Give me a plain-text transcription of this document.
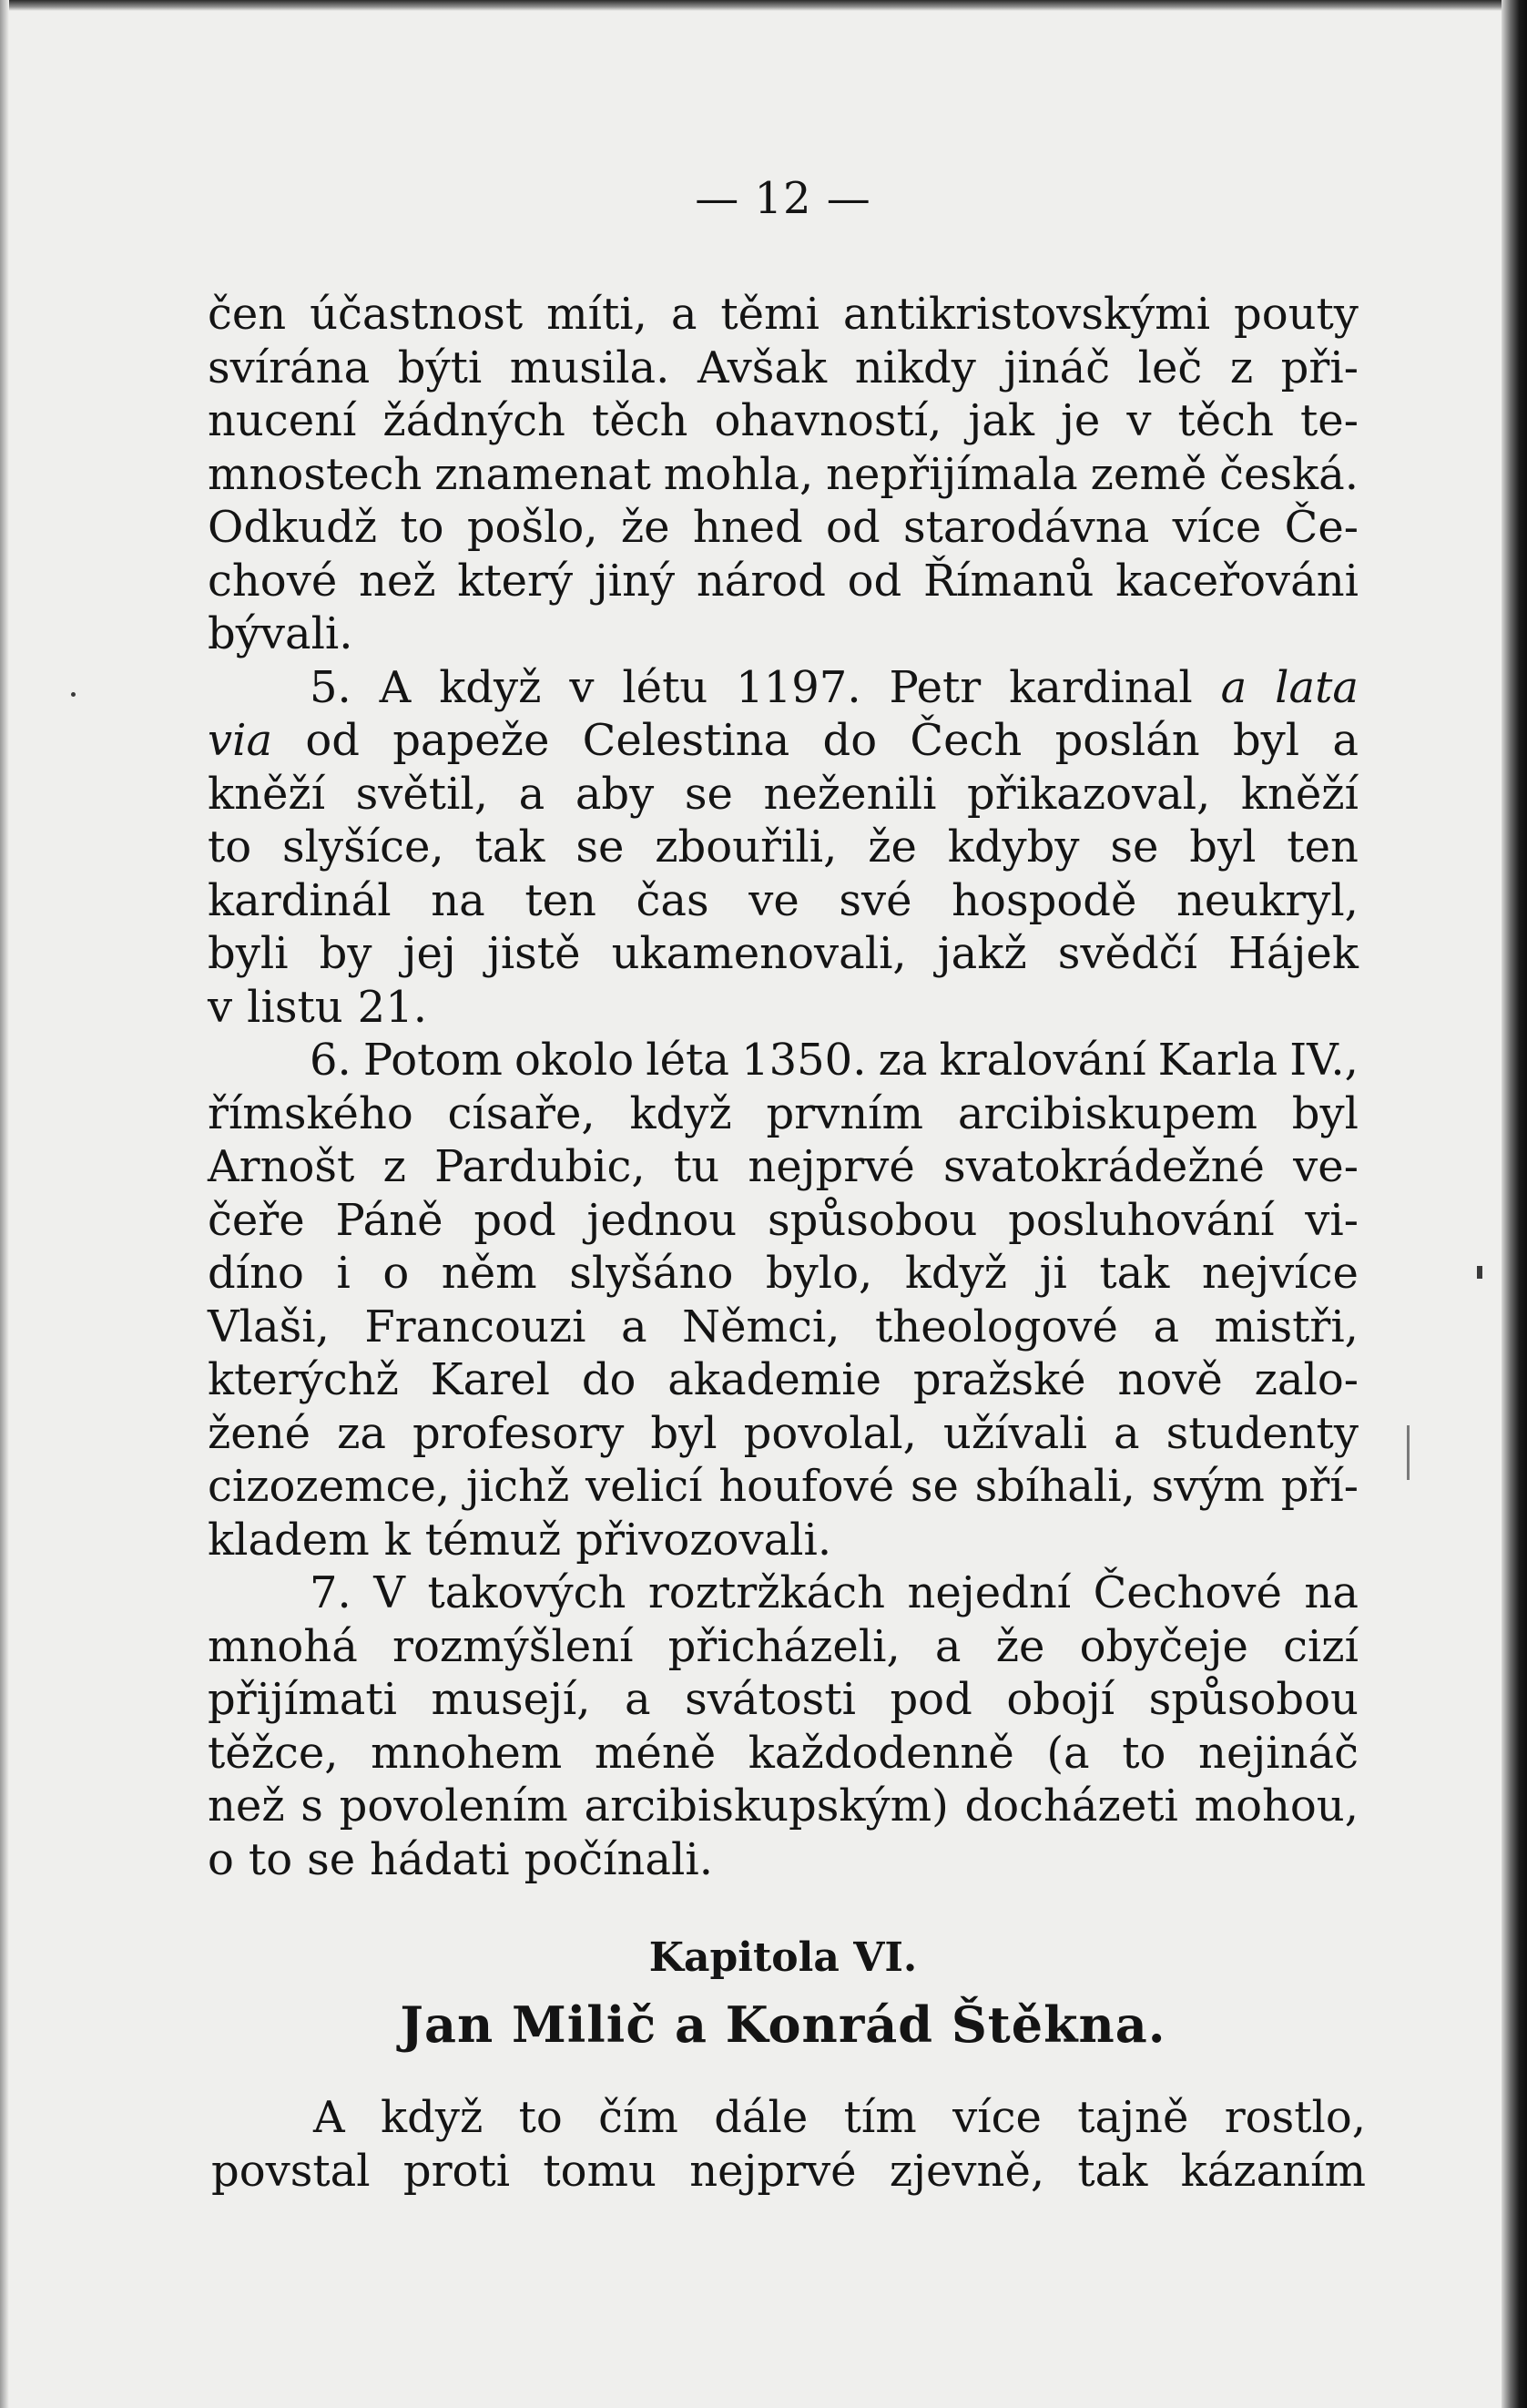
— 12 —
čen účastnost míti, a těmi antikristovskými pouty
svírána býti musila. Avšak nikdy jináč leč z při-
nucení žádných těch ohavností, jak je v těch te-
mnostech znamenat mohla, nepřijímala země česká.
Odkudž to pošlo, že hned od starodávna více Če-
chové než který jiný národ od Římanů kaceřováni
bývali.
5. A když v létu 1197. Petr kardinal a lata
via od papeže Celestina do Čech poslán byl a
kněží světil, a aby se neženili přikazoval, kněží
to slyšíce, tak se zbouřili, že kdyby se byl ten
kardinál na ten čas ve své hospodě neukryl,
byli by jej jistě ukamenovali, jakž svědčí Hájek
v listu 21.
6. Potom okolo léta 1350. za kralování Karla IV.,
římského císaře, když prvním arcibiskupem byl
Arnošt z Pardubic, tu nejprvé svatokrádežné ve-
čeře Páně pod jednou spůsobou posluhování vi-
díno i o něm slyšáno bylo, když ji tak nejvíce
Vlaši, Francouzi a Němci, theologové a mistři,
kterýchž Karel do akademie pražské nově zalo-
žené za profesory byl povolal, užívali a studenty
cizozemce, jichž velicí houfové se sbíhali, svým pří-
kladem k témuž přivozovali.
7. V takových roztržkách nejední Čechové na
mnohá rozmýšlení přicházeli, a že obyčeje cizí
přijímati musejí, a svátosti pod obojí spůsobou
těžce, mnohem méně každodenně (a to nejináč
než s povolením arcibiskupským) docházeti mohou,
o to se hádati počínali.
Kapitola VI.
Jan Milič a Konrád Štěkna.
A když to čím dále tím více tajně rostlo,
povstal proti tomu nejprvé zjevně, tak kázaním
